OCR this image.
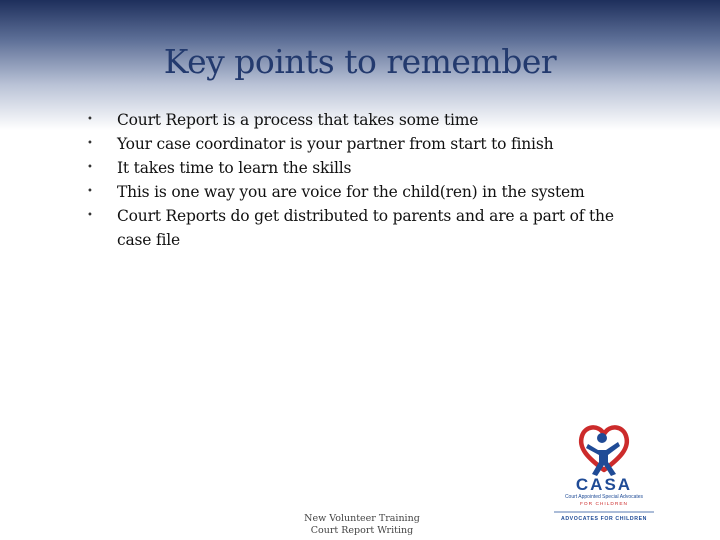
Key points to remember
• Court Report is a process that takes some time
• Your case coordinator is your partner from start to finish
• It takes time to learn the skills
• This is one way you are voice for the child(ren) in the system
• Court Reports do get distributed to parents and are a part of the case file
New Volunteer Training
Court Report Writing
CASA
Court Appointed Special Advocates
FOR CHILDREN
ADVOCATES FOR CHILDREN
